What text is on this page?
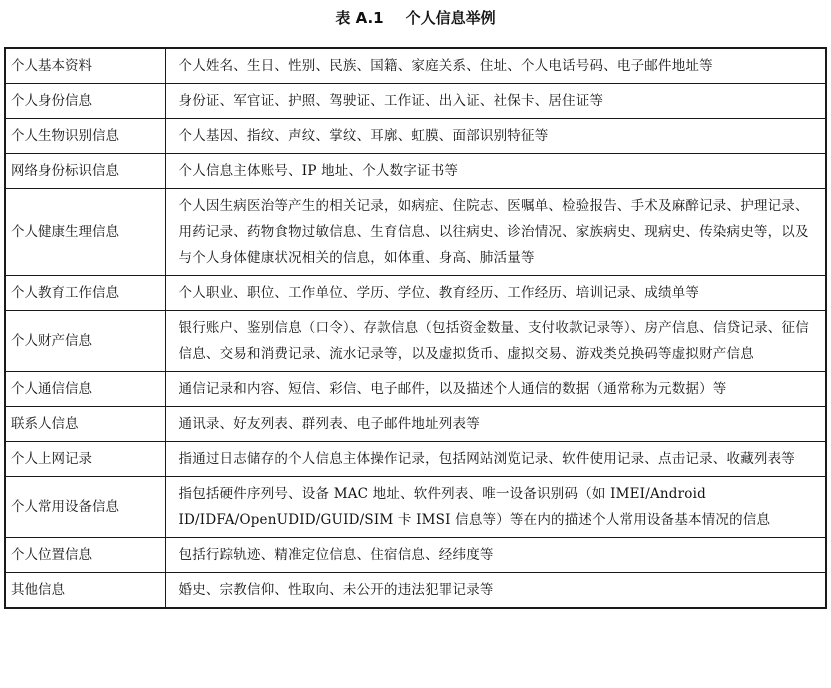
表 A.1 个人信息举例
个人基本资料	个人姓名、生日、性别、民族、国籍、家庭关系、住址、个人电话号码、电子邮件地址等
个人身份信息	身份证、军官证、护照、驾驶证、工作证、出入证、社保卡、居住证等
个人生物识别信息	个人基因、指纹、声纹、掌纹、耳廓、虹膜、面部识别特征等
网络身份标识信息	个人信息主体账号、IP 地址、个人数字证书等
个人健康生理信息	个人因生病医治等产生的相关记录，如病症、住院志、医嘱单、检验报告、手术及麻醉记录、护理记录、用药记录、药物食物过敏信息、生育信息、以往病史、诊治情况、家族病史、现病史、传染病史等，以及与个人身体健康状况相关的信息，如体重、身高、肺活量等
个人教育工作信息	个人职业、职位、工作单位、学历、学位、教育经历、工作经历、培训记录、成绩单等
个人财产信息	银行账户、鉴别信息（口令）、存款信息（包括资金数量、支付收款记录等）、房产信息、信贷记录、征信信息、交易和消费记录、流水记录等，以及虚拟货币、虚拟交易、游戏类兑换码等虚拟财产信息
个人通信信息	通信记录和内容、短信、彩信、电子邮件，以及描述个人通信的数据（通常称为元数据）等
联系人信息	通讯录、好友列表、群列表、电子邮件地址列表等
个人上网记录	指通过日志储存的个人信息主体操作记录，包括网站浏览记录、软件使用记录、点击记录、收藏列表等
个人常用设备信息	指包括硬件序列号、设备 MAC 地址、软件列表、唯一设备识别码（如 IMEI/Android ID/IDFA/OpenUDID/GUID/SIM 卡 IMSI 信息等）等在内的描述个人常用设备基本情况的信息
个人位置信息	包括行踪轨迹、精准定位信息、住宿信息、经纬度等
其他信息	婚史、宗教信仰、性取向、未公开的违法犯罪记录等
